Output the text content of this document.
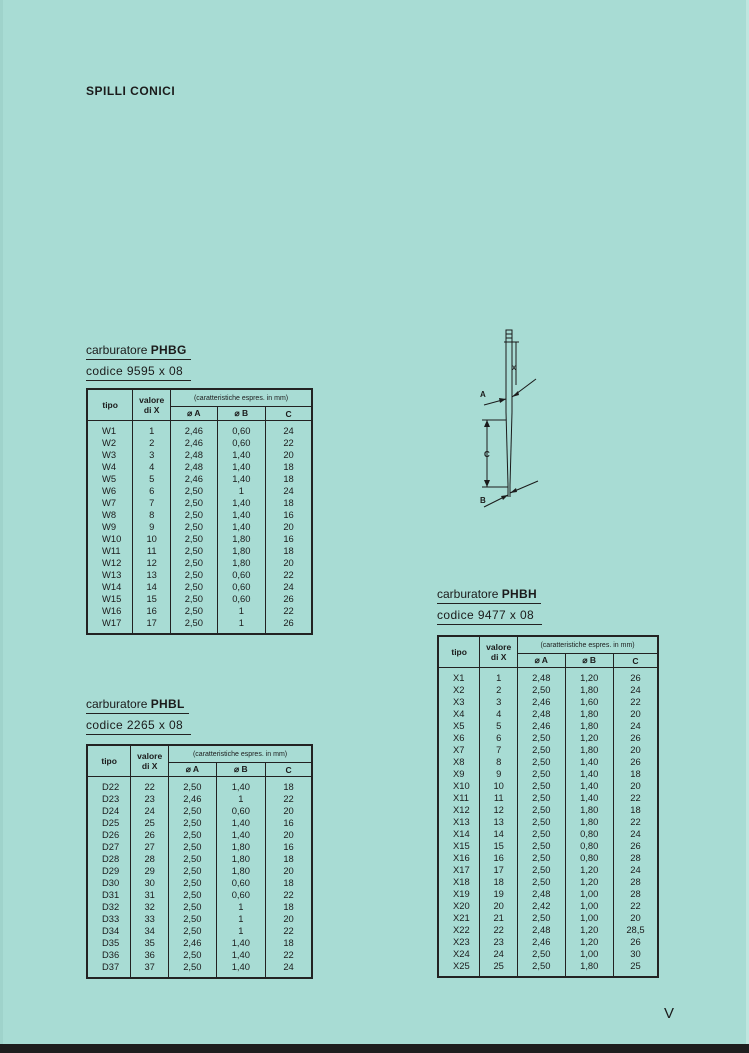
SPILLI CONICI
carburatore PHBG
codice 9595 x 08
tipo	valore
di X	(caratteristiche espres. in mm)		
		⌀ A	⌀ B	C
W1	1	2,46	0,60	24
W2	2	2,46	0,60	22
W3	3	2,48	1,40	20
W4	4	2,48	1,40	18
W5	5	2,46	1,40	18
W6	6	2,50	1	24
W7	7	2,50	1,40	18
W8	8	2,50	1,40	16
W9	9	2,50	1,40	20
W10	10	2,50	1,80	16
W11	11	2,50	1,80	18
W12	12	2,50	1,80	20
W13	13	2,50	0,60	22
W14	14	2,50	0,60	24
W15	15	2,50	0,60	26
W16	16	2,50	1	22
W17	17	2,50	1	26
carburatore PHBL
codice 2265 x 08
tipo	valore
di X	(caratteristiche espres. in mm)		
		⌀ A	⌀ B	C
D22	22	2,50	1,40	18
D23	23	2,46	1	22
D24	24	2,50	0,60	20
D25	25	2,50	1,40	16
D26	26	2,50	1,40	20
D27	27	2,50	1,80	16
D28	28	2,50	1,80	18
D29	29	2,50	1,80	20
D30	30	2,50	0,60	18
D31	31	2,50	0,60	22
D32	32	2,50	1	18
D33	33	2,50	1	20
D34	34	2,50	1	22
D35	35	2,46	1,40	18
D36	36	2,50	1,40	22
D37	37	2,50	1,40	24
carburatore PHBH
codice 9477 x 08
tipo	valore
di X	(caratteristiche espres. in mm)		
		⌀ A	⌀ B	C
X1	1	2,48	1,20	26
X2	2	2,50	1,80	24
X3	3	2,46	1,60	22
X4	4	2,48	1,80	20
X5	5	2,46	1,80	24
X6	6	2,50	1,20	26
X7	7	2,50	1,80	20
X8	8	2,50	1,40	26
X9	9	2,50	1,40	18
X10	10	2,50	1,40	20
X11	11	2,50	1,40	22
X12	12	2,50	1,80	18
X13	13	2,50	1,80	22
X14	14	2,50	0,80	24
X15	15	2,50	0,80	26
X16	16	2,50	0,80	28
X17	17	2,50	1,20	24
X18	18	2,50	1,20	28
X19	19	2,48	1,00	28
X20	20	2,42	1,00	22
X21	21	2,50	1,00	20
X22	22	2,48	1,20	28,5
X23	23	2,46	1,20	26
X24	24	2,50	1,00	30
X25	25	2,50	1,80	25
A
C
B
X
V
